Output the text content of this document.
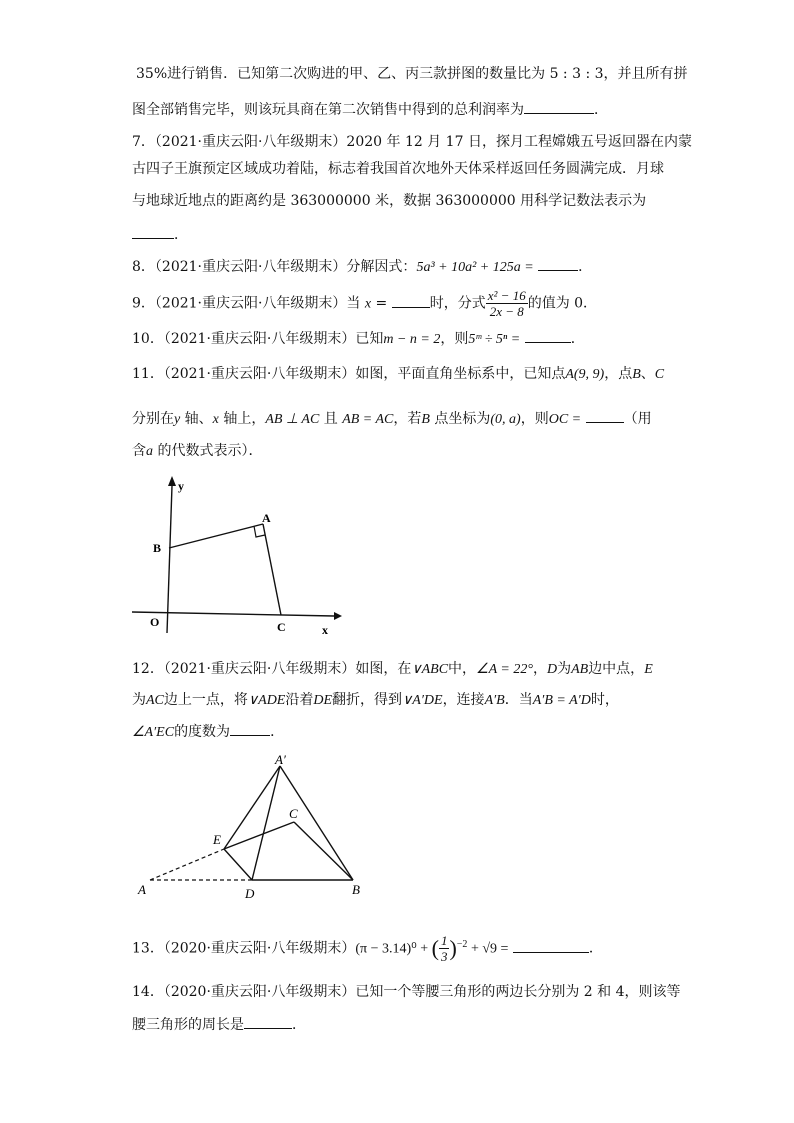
35%进行销售．已知第二次购进的甲、乙、丙三款拼图的数量比为 5 : 3 : 3，并且所有拼
图全部销售完毕，则该玩具商在第二次销售中得到的总利润率为	．
7．（2021·重庆云阳·八年级期末）2020 年 12 月 17 日，探月工程嫦娥五号返回器在内蒙
古四子王旗预定区域成功着陆，标志着我国首次地外天体采样返回任务圆满完成．月球
与地球近地点的距离约是 363000000 米，数据 363000000 用科学记数法表示为
．
8．（2021·重庆云阳·八年级期末）分解因式：5a³ + 10a² + 125a =	．
9．（2021·重庆云阳·八年级期末）当 x =	时，分式 $\frac{\text{x² − 16}}{2x - 8}$ 的值为 0．
10．（2021·重庆云阳·八年级期末）已知m − n = 2，则5ᵐ ÷ 5ⁿ =	．
11．（2021·重庆云阳·八年级期末）如图，平面直角坐标系中，已知点A(9, 9)，点B、C
分别在y 轴、x 轴上，AB ⊥ AC 且 AB = AC，若B 点坐标为(0, a)，则OC =	（用
含a 的代数式表示）．
y
x
O
B
A
C
12．（2021·重庆云阳·八年级期末）如图，在∨ABC中，∠A = 22°，D为AB边中点，E
为AC边上一点，将∨ADE沿着DE翻折，得到∨A′DE，连接A′B．当A′B = A′D时，
∠A′EC的度数为	．
A′
C
E
A	D	B
13．（2020·重庆云阳·八年级期末）(π − 3.14)⁰ + ( $\frac{1}{3} )^{-2} + √9$ =	．
14．（2020·重庆云阳·八年级期末）已知一个等腰三角形的两边长分别为 2 和 4，则该等
腰三角形的周长是	．
